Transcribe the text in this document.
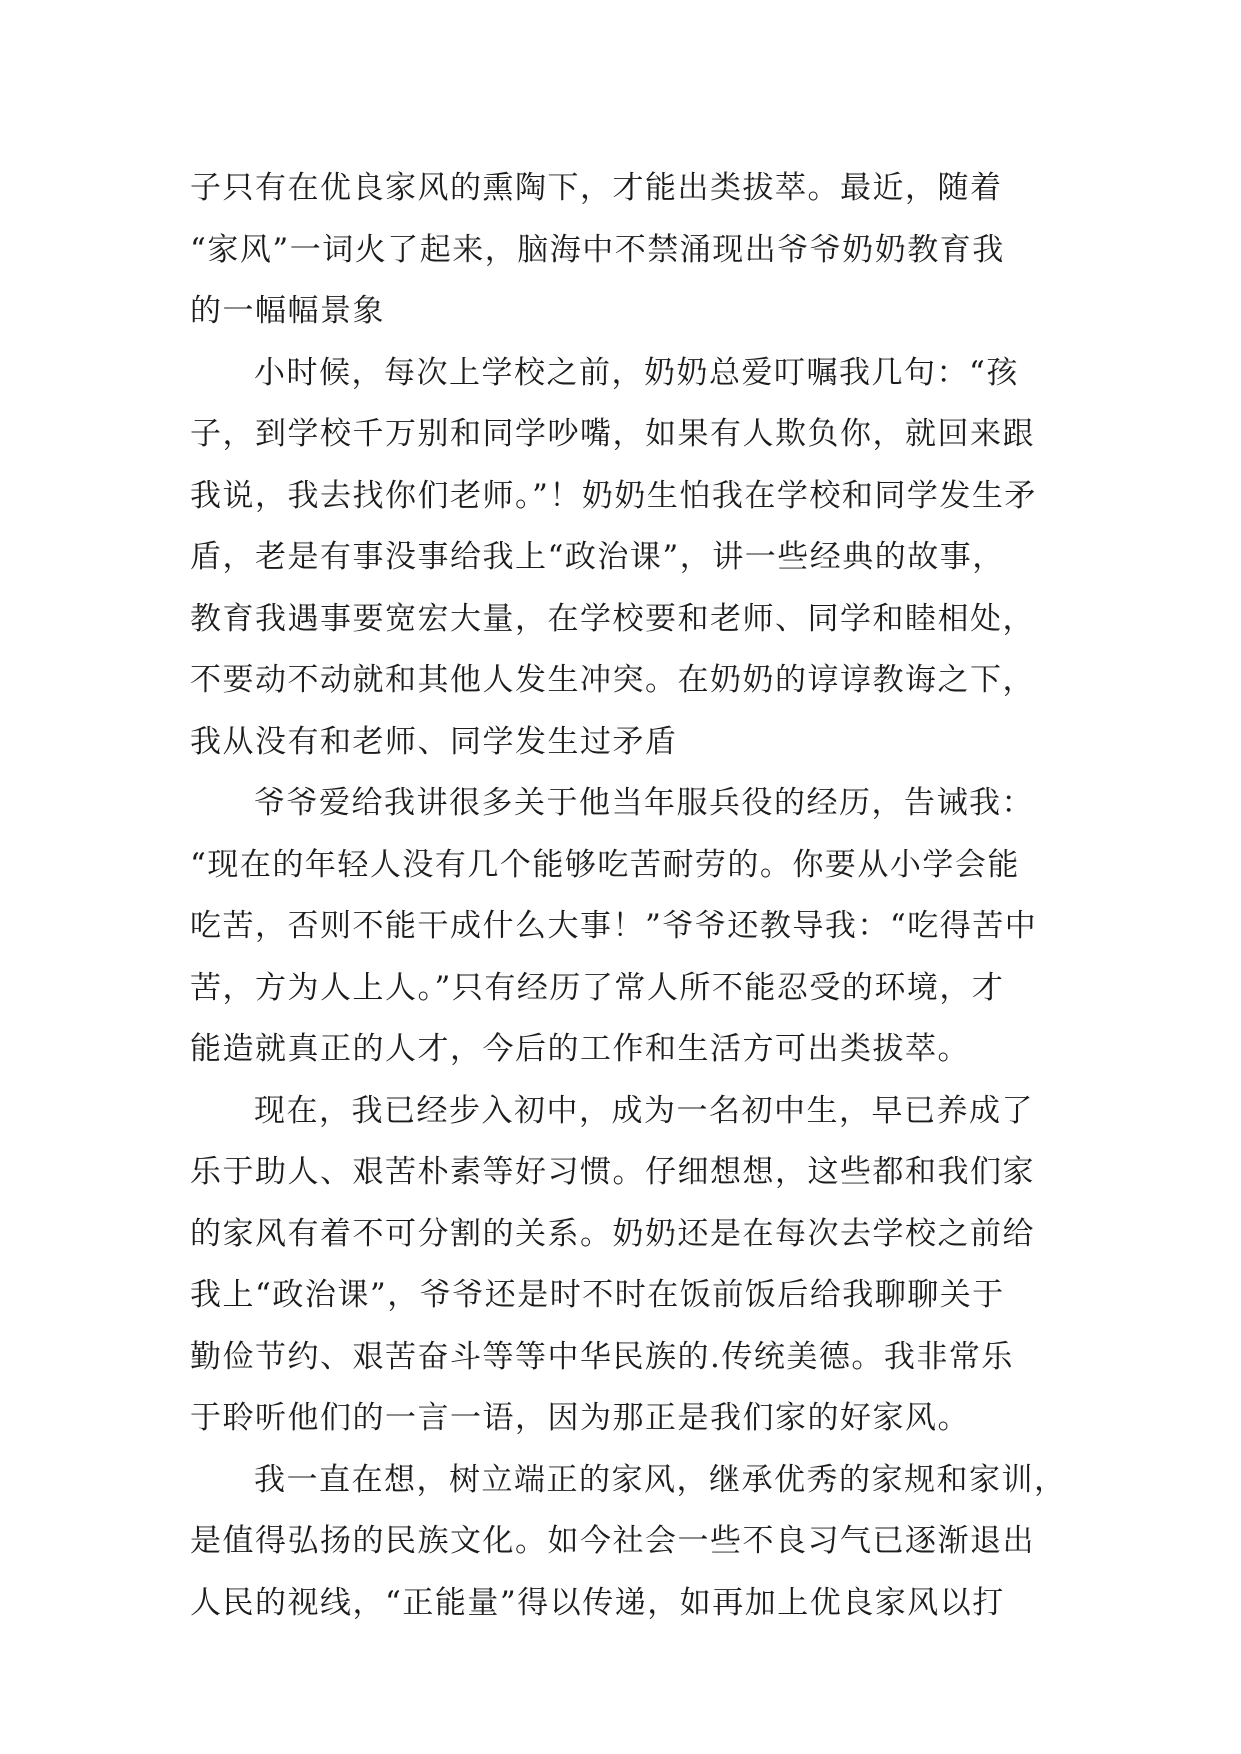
子只有在优良家风的熏陶下，才能出类拔萃。最近，随着
“家风”一词火了起来，脑海中不禁涌现出爷爷奶奶教育我
的一幅幅景象
小时候，每次上学校之前，奶奶总爱叮嘱我几句：“孩
子，到学校千万别和同学吵嘴，如果有人欺负你，就回来跟
我说，我去找你们老师。”！奶奶生怕我在学校和同学发生矛
盾，老是有事没事给我上“政治课”，讲一些经典的故事，
教育我遇事要宽宏大量，在学校要和老师、同学和睦相处，
不要动不动就和其他人发生冲突。在奶奶的谆谆教诲之下，
我从没有和老师、同学发生过矛盾
爷爷爱给我讲很多关于他当年服兵役的经历，告诫我：
“现在的年轻人没有几个能够吃苦耐劳的。你要从小学会能
吃苦，否则不能干成什么大事！”爷爷还教导我：“吃得苦中
苦，方为人上人。”只有经历了常人所不能忍受的环境，才
能造就真正的人才，今后的工作和生活方可出类拔萃。
现在，我已经步入初中，成为一名初中生，早已养成了
乐于助人、艰苦朴素等好习惯。仔细想想，这些都和我们家
的家风有着不可分割的关系。奶奶还是在每次去学校之前给
我上“政治课”，爷爷还是时不时在饭前饭后给我聊聊关于
勤俭节约、艰苦奋斗等等中华民族的.传统美德。我非常乐
于聆听他们的一言一语，因为那正是我们家的好家风。
我一直在想，树立端正的家风，继承优秀的家规和家训，
是值得弘扬的民族文化。如今社会一些不良习气已逐渐退出
人民的视线，“正能量”得以传递，如再加上优良家风以打
